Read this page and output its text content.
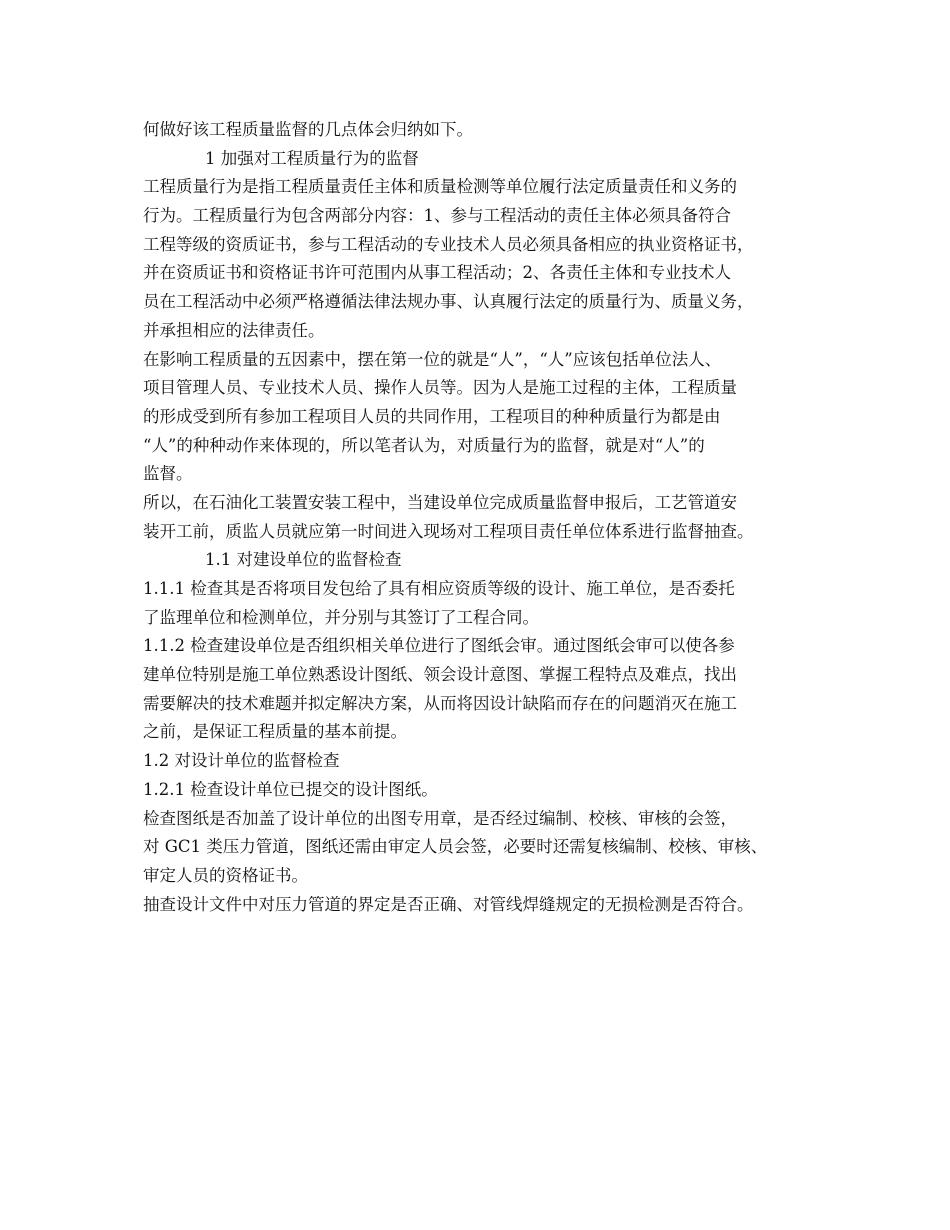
何做好该工程质量监督的几点体会归纳如下。
1 加强对工程质量行为的监督
工程质量行为是指工程质量责任主体和质量检测等单位履行法定质量责任和义务的
行为。工程质量行为包含两部分内容：1、参与工程活动的责任主体必须具备符合
工程等级的资质证书，参与工程活动的专业技术人员必须具备相应的执业资格证书，
并在资质证书和资格证书许可范围内从事工程活动；2、各责任主体和专业技术人
员在工程活动中必须严格遵循法律法规办事、认真履行法定的质量行为、质量义务，
并承担相应的法律责任。
在影响工程质量的五因素中，摆在第一位的就是“人”，“人”应该包括单位法人、
项目管理人员、专业技术人员、操作人员等。因为人是施工过程的主体，工程质量
的形成受到所有参加工程项目人员的共同作用，工程项目的种种质量行为都是由
“人”的种种动作来体现的，所以笔者认为，对质量行为的监督，就是对“人”的
监督。
所以，在石油化工装置安装工程中，当建设单位完成质量监督申报后，工艺管道安
装开工前，质监人员就应第一时间进入现场对工程项目责任单位体系进行监督抽查。
1.1 对建设单位的监督检查
1.1.1 检查其是否将项目发包给了具有相应资质等级的设计、施工单位，是否委托
了监理单位和检测单位，并分别与其签订了工程合同。
1.1.2 检查建设单位是否组织相关单位进行了图纸会审。通过图纸会审可以使各参
建单位特别是施工单位熟悉设计图纸、领会设计意图、掌握工程特点及难点，找出
需要解决的技术难题并拟定解决方案，从而将因设计缺陷而存在的问题消灭在施工
之前，是保证工程质量的基本前提。
1.2 对设计单位的监督检查
1.2.1 检查设计单位已提交的设计图纸。
检查图纸是否加盖了设计单位的出图专用章，是否经过编制、校核、审核的会签，
对 GC1 类压力管道，图纸还需由审定人员会签，必要时还需复核编制、校核、审核、
审定人员的资格证书。
抽查设计文件中对压力管道的界定是否正确、对管线焊缝规定的无损检测是否符合。
